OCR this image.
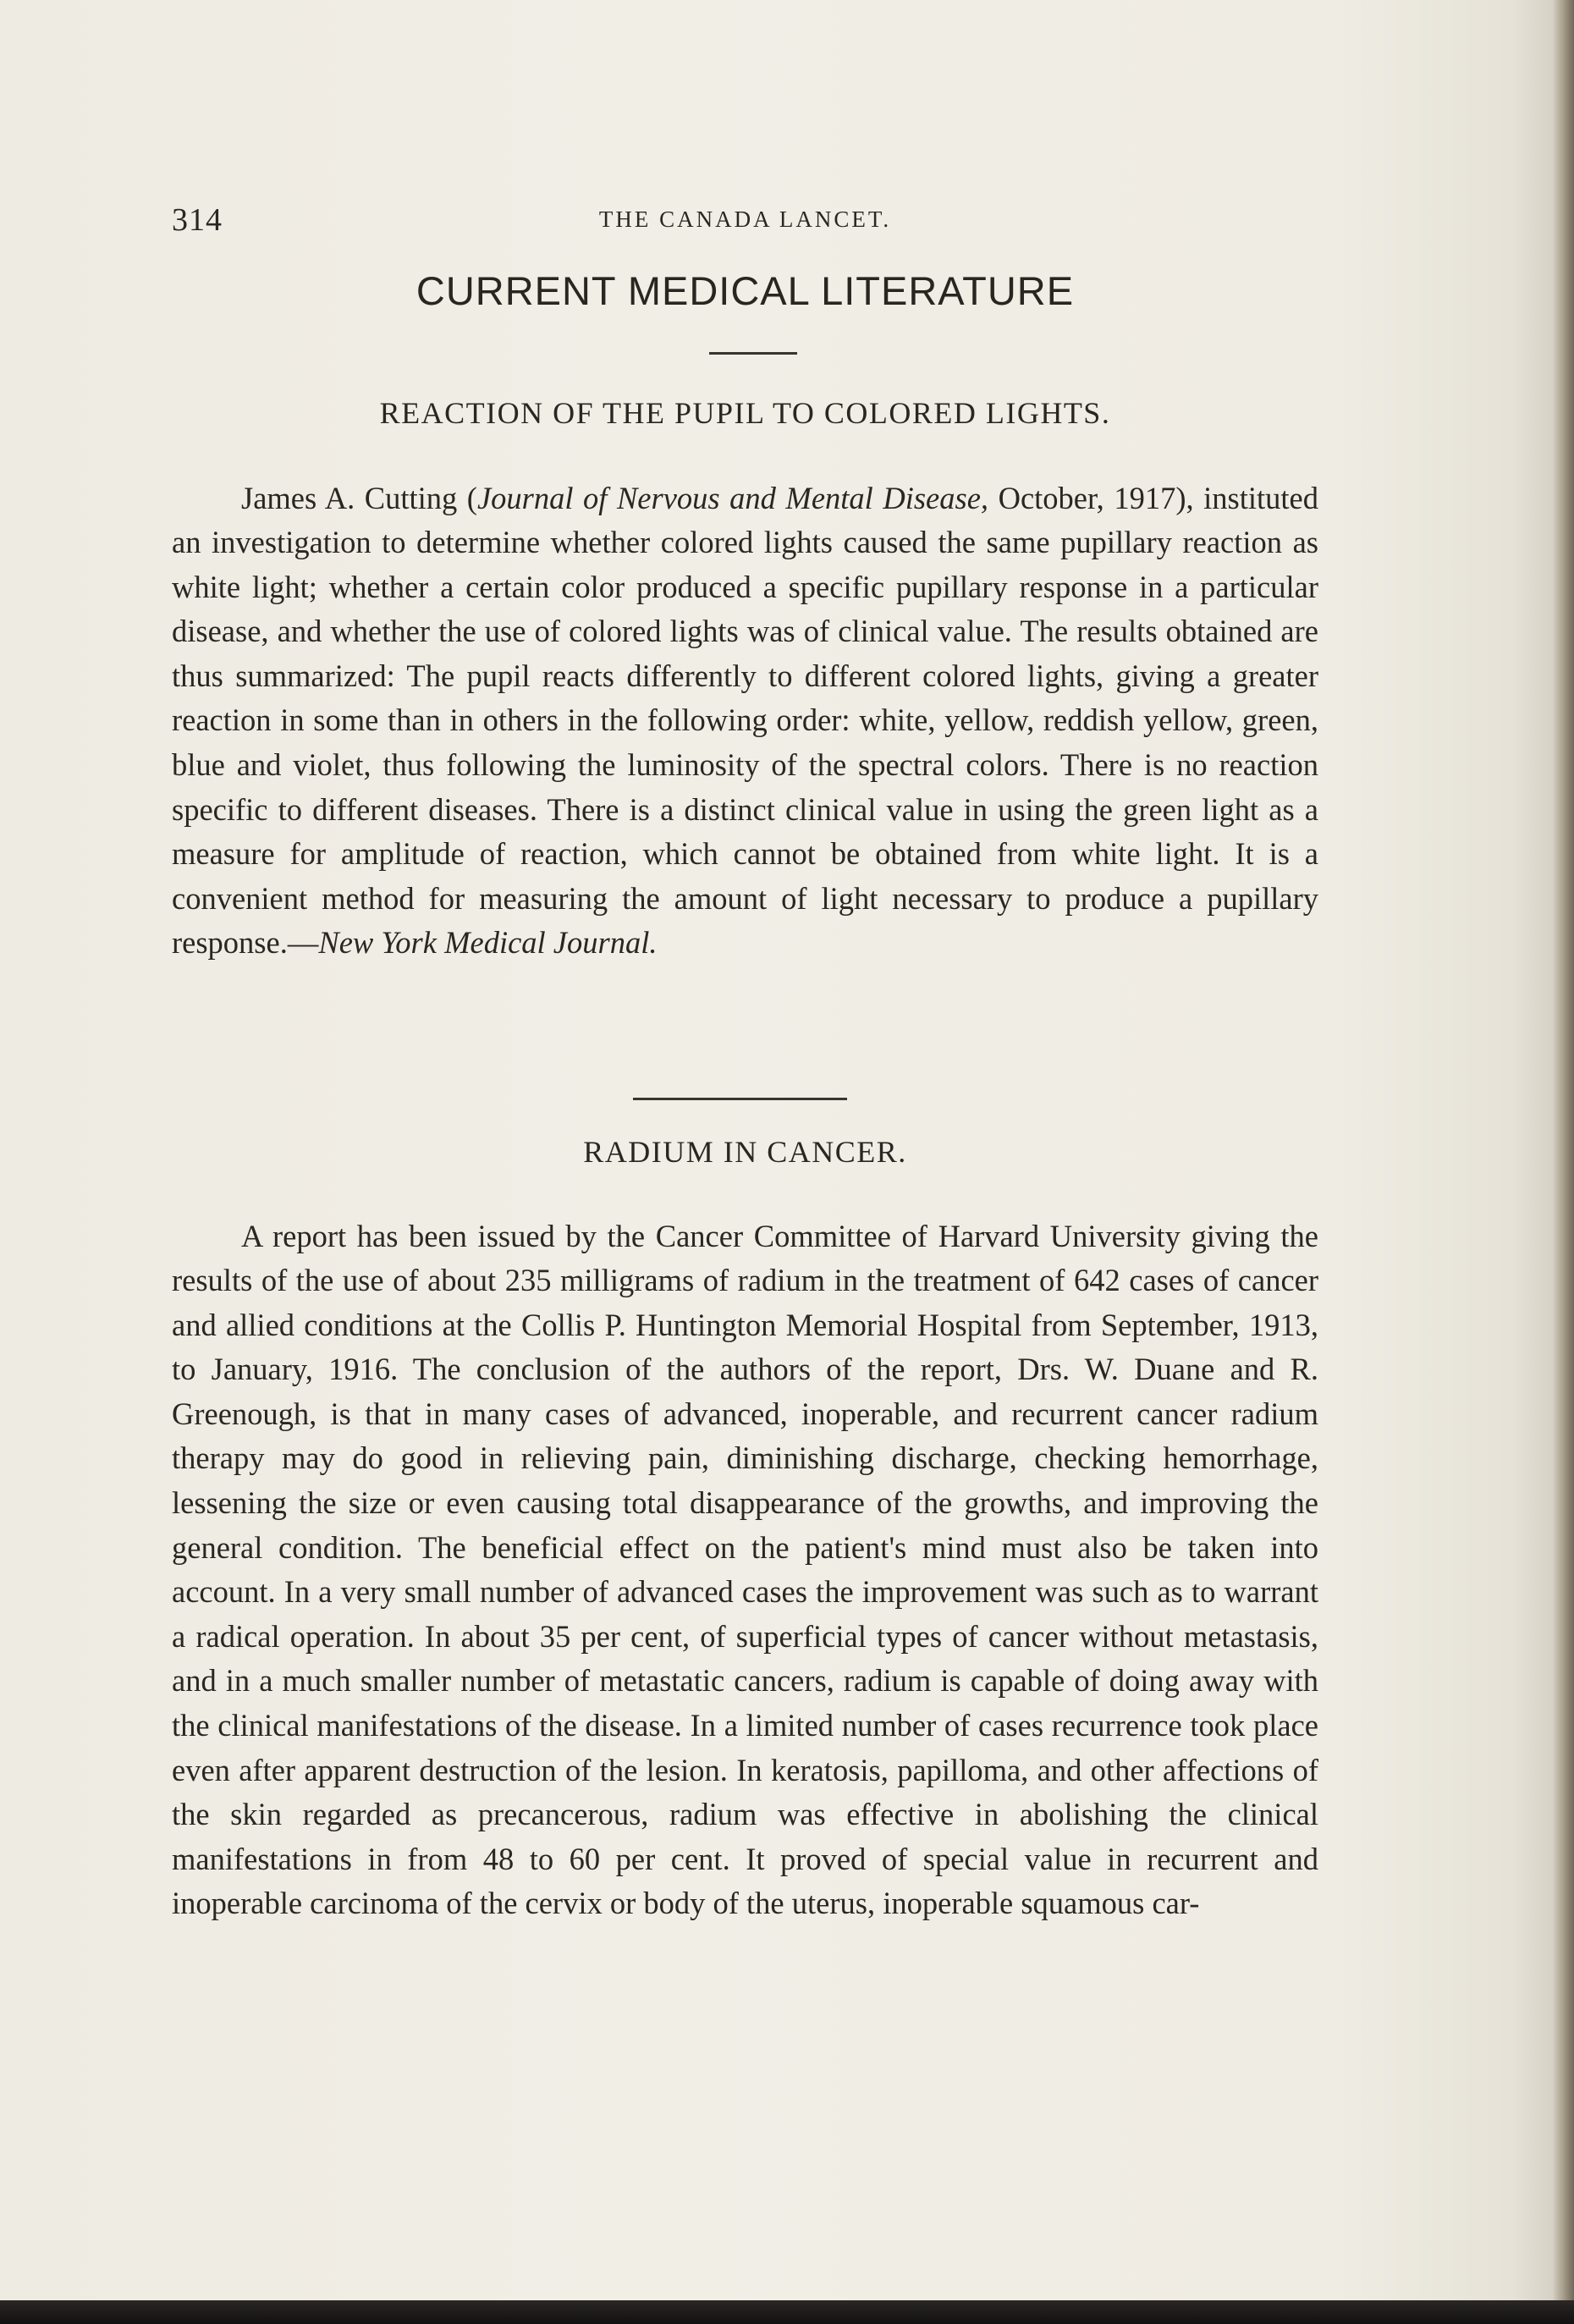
314	THE CANADA LANCET.
CURRENT MEDICAL LITERATURE
REACTION OF THE PUPIL TO COLORED LIGHTS.

James A. Cutting (Journal of Nervous and Mental Disease, October, 1917), instituted an investigation to determine whether colored lights caused the same pupillary reaction as white light; whether a certain color produced a specific pupillary response in a particular disease, and whether the use of colored lights was of clinical value. The results obtained are thus summarized: The pupil reacts differently to different colored lights, giving a greater reaction in some than in others in the following order: white, yellow, reddish yellow, green, blue and violet, thus following the luminosity of the spectral colors. There is no reaction specific to different diseases. There is a distinct clinical value in using the green light as a measure for amplitude of reaction, which cannot be obtained from white light. It is a convenient method for measuring the amount of light necessary to produce a pupillary response.—New York Medical Journal.

RADIUM IN CANCER.

A report has been issued by the Cancer Committee of Harvard University giving the results of the use of about 235 milligrams of radium in the treatment of 642 cases of cancer and allied conditions at the Collis P. Huntington Memorial Hospital from September, 1913, to January, 1916. The conclusion of the authors of the report, Drs. W. Duane and R. Greenough, is that in many cases of advanced, inoperable, and recurrent cancer radium therapy may do good in relieving pain, diminishing discharge, checking hemorrhage, lessening the size or even causing total disappearance of the growths, and improving the general condition. The beneficial effect on the patient's mind must also be taken into account. In a very small number of advanced cases the improvement was such as to warrant a radical operation. In about 35 per cent, of superficial types of cancer without metastasis, and in a much smaller number of metastatic cancers, radium is capable of doing away with the clinical manifestations of the disease. In a limited number of cases recurrence took place even after apparent destruction of the lesion. In keratosis, papilloma, and other affections of the skin regarded as precancerous, radium was effective in abolishing the clinical manifestations in from 48 to 60 per cent. It proved of special value in recurrent and inoperable carcinoma of the cervix or body of the uterus, inoperable squamous car-
